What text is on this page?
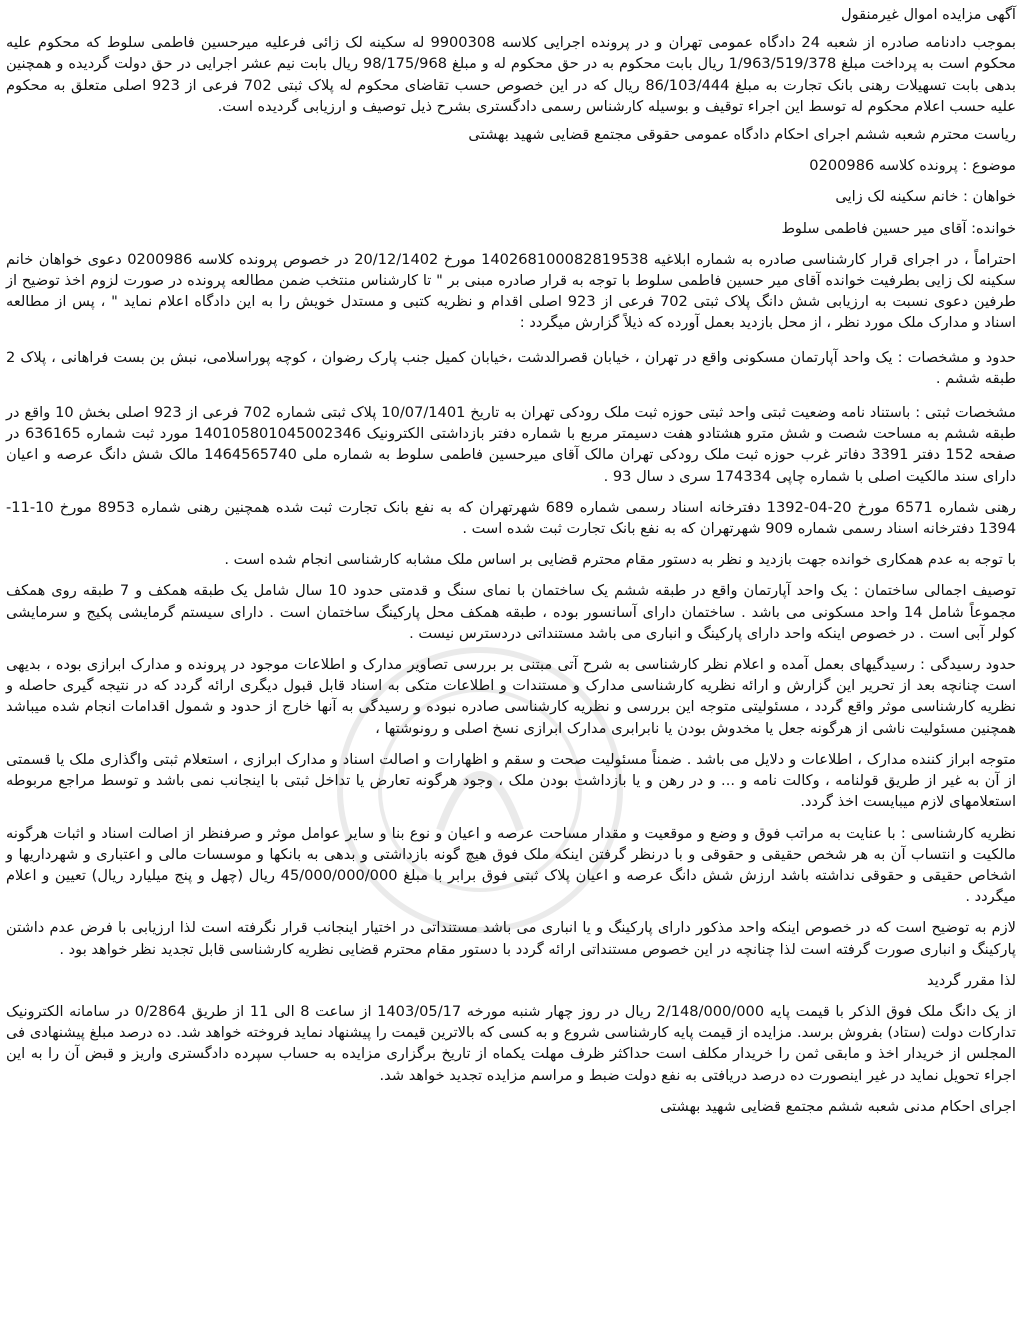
آگهی مزایده اموال غیرمنقول

بموجب دادنامه صادره از شعبه 24 دادگاه عمومی تهران و در پرونده اجرایی کلاسه 9900308 له سکینه لک زائی فرعلیه میرحسین فاطمی سلوط که محکوم علیه محکوم است به پرداخت مبلغ 1/963/519/378 ریال بابت محکوم به در حق محکوم له و مبلغ 98/175/968 ریال بابت نیم عشر اجرایی در حق دولت گردیده و همچنین بدهی بابت تسهیلات رهنی بانک تجارت به مبلغ 86/103/444 ریال که در این خصوص حسب تقاضای محکوم له پلاک ثبتی 702 فرعی از 923 اصلی متعلق به محکوم علیه حسب اعلام محکوم له توسط این اجراء توقیف و بوسیله کارشناس رسمی دادگستری بشرح ذیل توصیف و ارزیابی گردیده است.

ریاست محترم شعبه ششم اجرای احکام دادگاه عمومی حقوقی مجتمع قضایی شهید بهشتی

موضوع : پرونده کلاسه 0200986

خواهان : خانم سکینه لک زایی

خوانده: آقای میر حسین فاطمی سلوط

احتراماً ، در اجرای قرار کارشناسی صادره به شماره ابلاغیه 140268100082819538 مورخ 20/12/1402 در خصوص پرونده کلاسه 0200986 دعوی خواهان خانم سکینه لک زایی بطرفیت خوانده آقای میر حسین فاطمی سلوط با توجه به قرار صادره مبنی بر " تا کارشناس منتخب ضمن مطالعه پرونده در صورت لزوم اخذ توضیح از طرفین دعوی نسبت به ارزیابی شش دانگ پلاک ثبتی 702 فرعی از 923 اصلی اقدام و نظریه کتبی و مستدل خویش را به این دادگاه اعلام نماید " ، پس از مطالعه اسناد و مدارک ملک مورد نظر ، از محل بازدید بعمل آورده که ذیلاً گزارش میگردد :

حدود و مشخصات : یک واحد آپارتمان مسکونی واقع در تهران ، خیابان قصرالدشت ،خیابان کمیل جنب پارک رضوان ، کوچه پوراسلامی، نبش بن بست فراهانی ، پلاک 2 طبقه ششم .

مشخصات ثبتی : باستناد نامه وضعیت ثبتی واحد ثبتی حوزه ثبت ملک رودکی تهران به تاریخ 10/07/1401 پلاک ثبتی شماره 702 فرعی از 923 اصلی بخش 10 واقع در طبقه ششم به مساحت شصت و شش مترو هشتادو هفت دسیمتر مربع با شماره دفتر بازداشتی الکترونیک 140105801045002346 مورد ثبت شماره 636165 در صفحه 152 دفتر 3391 دفاتر غرب حوزه ثبت ملک رودکی تهران مالک آقای میرحسین فاطمی سلوط به شماره ملی 1464565740 مالک شش دانگ عرصه و اعیان دارای سند مالکیت اصلی با شماره چاپی 174334 سری د سال 93 .

رهنی شماره 6571 مورخ 20-04-1392 دفترخانه اسناد رسمی شماره 689 شهرتهران که به نفع بانک تجارت ثبت شده همچنین رهنی شماره 8953 مورخ 10-11-1394 دفترخانه اسناد رسمی شماره 909 شهرتهران که به نفع بانک تجارت ثبت شده است .

با توجه به عدم همکاری خوانده جهت بازدید و نظر به دستور مقام محترم قضایی بر اساس ملک مشابه کارشناسی انجام شده است .

توصیف اجمالی ساختمان : یک واحد آپارتمان واقع در طبقه ششم یک ساختمان با نمای سنگ و قدمتی حدود 10 سال شامل یک طبقه همکف و 7 طبقه روی همکف مجموعاً شامل 14 واحد مسکونی می باشد . ساختمان دارای آسانسور بوده ، طبقه همکف محل پارکینگ ساختمان است . دارای سیستم گرمایشی پکیج و سرمایشی کولر آبی است . در خصوص اینکه واحد دارای پارکینگ و انباری می باشد مستنداتی دردسترس نیست .

حدود رسیدگی : رسیدگیهای بعمل آمده و اعلام نظر کارشناسی به شرح آتی مبتنی بر بررسی تصاویر مدارک و اطلاعات موجود در پرونده و مدارک ابرازی بوده ، بدیهی است چنانچه بعد از تحریر این گزارش و ارائه نظریه کارشناسی مدارک و مستندات و اطلاعات متکی به اسناد قابل قبول دیگری ارائه گردد که در نتیجه گیری حاصله و نظریه کارشناسی موثر واقع گردد ، مسئولیتی متوجه این بررسی و نظریه کارشناسی صادره نبوده و رسیدگی به آنها خارج از حدود و شمول اقدامات انجام شده میباشد همچنین مسئولیت ناشی از هرگونه جعل یا مخدوش بودن یا نابرابری مدارک ابرازی نسخ اصلی و رونوشتها ،

متوجه ابراز کننده مدارک ، اطلاعات و دلایل می باشد . ضمناً مسئولیت صحت و سقم و اظهارات و اصالت اسناد و مدارک ابرازی ، استعلام ثبتی واگذاری ملک یا قسمتی از آن به غیر از طریق قولنامه ، وکالت نامه و ... و در رهن و یا بازداشت بودن ملک ، وجود هرگونه تعارض یا تداخل ثبتی با اینجانب نمی باشد و توسط مراجع مربوطه استعلامهای لازم میبایست اخذ گردد.

نظریه کارشناسی : با عنایت به مراتب فوق و وضع و موقعیت و مقدار مساحت عرصه و اعیان و نوع بنا و سایر عوامل موثر و صرفنظر از اصالت اسناد و اثبات هرگونه مالکیت و انتساب آن به هر شخص حقیقی و حقوقی و با درنظر گرفتن اینکه ملک فوق هیچ گونه بازداشتی و بدهی به بانکها و موسسات مالی و اعتباری و شهرداریها و اشخاص حقیقی و حقوقی نداشته باشد ارزش شش دانگ عرصه و اعیان پلاک ثبتی فوق برابر با مبلغ 45/000/000/000 ریال (چهل و پنج میلیارد ریال) تعیین و اعلام میگردد .

لازم به توضیح است که در خصوص اینکه واحد مذکور دارای پارکینگ و یا انباری می باشد مستنداتی در اختیار اینجانب قرار نگرفته است لذا ارزیابی با فرض عدم داشتن پارکینگ و انباری صورت گرفته است لذا چنانچه در این خصوص مستنداتی ارائه گردد با دستور مقام محترم قضایی نظریه کارشناسی قابل تجدید نظر خواهد بود .

لذا مقرر گردید

از یک دانگ ملک فوق الذکر با قیمت پایه 2/148/000/000 ریال در روز چهار شنبه مورخه 1403/05/17 از ساعت 8 الی 11 از طریق 0/2864 در سامانه الکترونیک تدارکات دولت (ستاد) بفروش برسد. مزایده از قیمت پایه کارشناسی شروع و به کسی که بالاترین قیمت را پیشنهاد نماید فروخته خواهد شد. ده درصد مبلغ پیشنهادی فی المجلس از خریدار اخذ و مابقی ثمن را خریدار مکلف است حداکثر ظرف مهلت یکماه از تاریخ برگزاری مزایده به حساب سپرده دادگستری واریز و قبض آن را به این اجراء تحویل نماید در غیر اینصورت ده درصد دریافتی به نفع دولت ضبط و مراسم مزایده تجدید خواهد شد.

اجرای احکام مدنی شعبه ششم مجتمع قضایی شهید بهشتی
